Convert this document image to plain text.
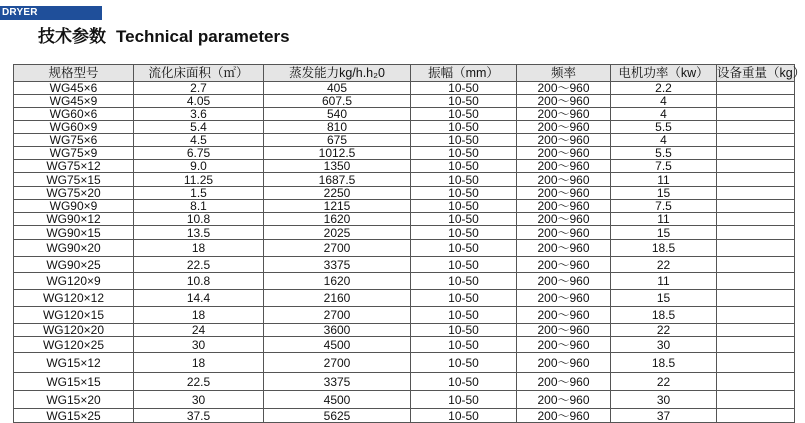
DRYER
技术参数 Technical parameters
规格型号	流化床面积（㎡）	蒸发能力kg/h.h₂0	振幅（mm）	频率	电机功率（kw）	设备重量（kg）
WG45×6	2.7	405	10-50	200～960	2.2	
WG45×9	4.05	607.5	10-50	200～960	4	
WG60×6	3.6	540	10-50	200～960	4	
WG60×9	5.4	810	10-50	200～960	5.5	
WG75×6	4.5	675	10-50	200～960	4	
WG75×9	6.75	1012.5	10-50	200～960	5.5	
WG75×12	9.0	1350	10-50	200～960	7.5	
WG75×15	11.25	1687.5	10-50	200～960	11	
WG75×20	1.5	2250	10-50	200～960	15	
WG90×9	8.1	1215	10-50	200～960	7.5	
WG90×12	10.8	1620	10-50	200～960	11	
WG90×15	13.5	2025	10-50	200～960	15	
WG90×20	18	2700	10-50	200～960	18.5	
WG90×25	22.5	3375	10-50	200～960	22	
WG120×9	10.8	1620	10-50	200～960	11	
WG120×12	14.4	2160	10-50	200～960	15	
WG120×15	18	2700	10-50	200～960	18.5	
WG120×20	24	3600	10-50	200～960	22	
WG120×25	30	4500	10-50	200～960	30	
WG15×12	18	2700	10-50	200～960	18.5	
WG15×15	22.5	3375	10-50	200～960	22	
WG15×20	30	4500	10-50	200～960	30	
WG15×25	37.5	5625	10-50	200～960	37	
